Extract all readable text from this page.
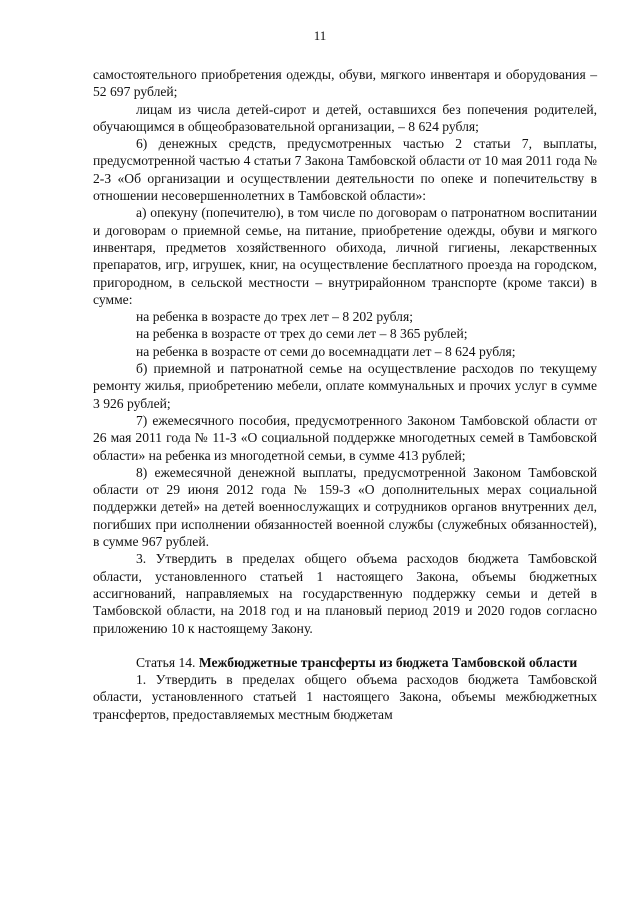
11

самостоятельного приобретения одежды, обуви, мягкого инвентаря и оборудования – 52 697 рублей;

лицам из числа детей-сирот и детей, оставшихся без попечения родителей, обучающимся в общеобразовательной организации, – 8 624 рубля;

6) денежных средств, предусмотренных частью 2 статьи 7, выплаты, предусмотренной частью 4 статьи 7 Закона Тамбовской области от 10 мая 2011 года № 2-З «Об организации и осуществлении деятельности по опеке и попечительству в отношении несовершеннолетних в Тамбовской области»:

а) опекуну (попечителю), в том числе по договорам о патронатном воспитании и договорам о приемной семье, на питание, приобретение одежды, обуви и мягкого инвентаря, предметов хозяйственного обихода, личной гигиены, лекарственных препаратов, игр, игрушек, книг, на осуществление бесплатного проезда на городском, пригородном, в сельской местности – внутрирайонном транспорте (кроме такси) в сумме:

на ребенка в возрасте до трех лет – 8 202 рубля;

на ребенка в возрасте от трех до семи лет – 8 365 рублей;

на ребенка в возрасте от семи до восемнадцати лет – 8 624 рубля;

б) приемной и патронатной семье на осуществление расходов по текущему ремонту жилья, приобретению мебели, оплате коммунальных и прочих услуг в сумме 3 926 рублей;

7) ежемесячного пособия, предусмотренного Законом Тамбовской области от 26 мая 2011 года № 11-З «О социальной поддержке многодетных семей в Тамбовской области» на ребенка из многодетной семьи, в сумме 413 рублей;

8) ежемесячной денежной выплаты, предусмотренной Законом Тамбовской области от 29 июня 2012 года № 159-З «О дополнительных мерах социальной поддержки детей» на детей военнослужащих и сотрудников органов внутренних дел, погибших при исполнении обязанностей военной службы (служебных обязанностей), в сумме 967 рублей.

3. Утвердить в пределах общего объема расходов бюджета Тамбовской области, установленного статьей 1 настоящего Закона, объемы бюджетных ассигнований, направляемых на государственную поддержку семьи и детей в Тамбовской области, на 2018 год и на плановый период 2019 и 2020 годов согласно приложению 10 к настоящему Закону.

Статья 14. Межбюджетные трансферты из бюджета Тамбовской области

1. Утвердить в пределах общего объема расходов бюджета Тамбовской области, установленного статьей 1 настоящего Закона, объемы межбюджетных трансфертов, предоставляемых местным бюджетам
